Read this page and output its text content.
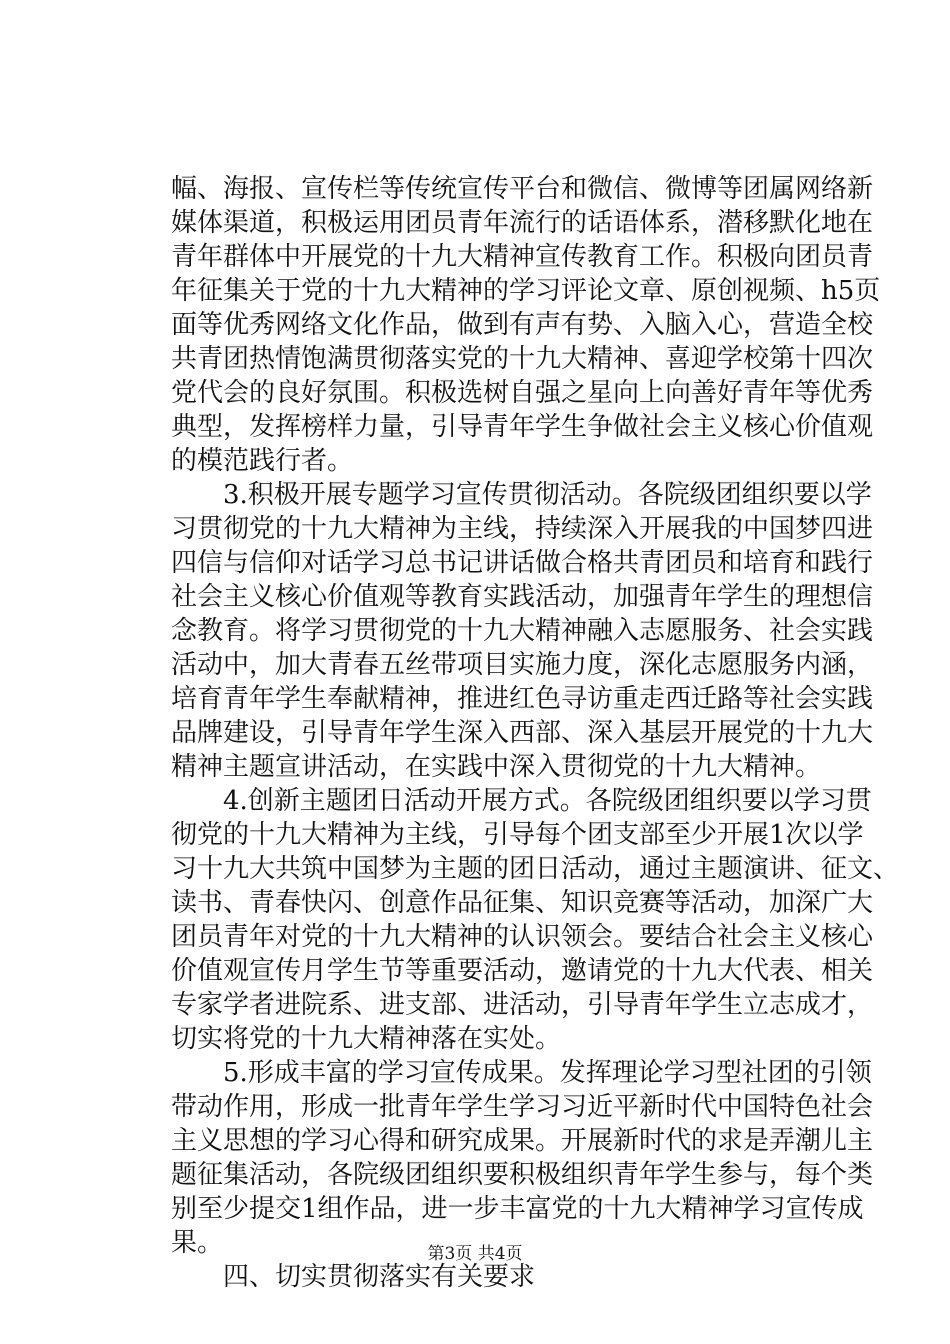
幅、海报、宣传栏等传统宣传平台和微信、微博等团属网络新
媒体渠道，积极运用团员青年流行的话语体系，潜移默化地在
青年群体中开展党的十九大精神宣传教育工作。积极向团员青
年征集关于党的十九大精神的学习评论文章、原创视频、h5页
面等优秀网络文化作品，做到有声有势、入脑入心，营造全校
共青团热情饱满贯彻落实党的十九大精神、喜迎学校第十四次
党代会的良好氛围。积极选树自强之星向上向善好青年等优秀
典型，发挥榜样力量，引导青年学生争做社会主义核心价值观
的模范践行者。
　　3.积极开展专题学习宣传贯彻活动。各院级团组织要以学
习贯彻党的十九大精神为主线，持续深入开展我的中国梦四进
四信与信仰对话学习总书记讲话做合格共青团员和培育和践行
社会主义核心价值观等教育实践活动，加强青年学生的理想信
念教育。将学习贯彻党的十九大精神融入志愿服务、社会实践
活动中，加大青春五丝带项目实施力度，深化志愿服务内涵，
培育青年学生奉献精神，推进红色寻访重走西迁路等社会实践
品牌建设，引导青年学生深入西部、深入基层开展党的十九大
精神主题宣讲活动，在实践中深入贯彻党的十九大精神。
　　4.创新主题团日活动开展方式。各院级团组织要以学习贯
彻党的十九大精神为主线，引导每个团支部至少开展1次以学
习十九大共筑中国梦为主题的团日活动，通过主题演讲、征文、
读书、青春快闪、创意作品征集、知识竞赛等活动，加深广大
团员青年对党的十九大精神的认识领会。要结合社会主义核心
价值观宣传月学生节等重要活动，邀请党的十九大代表、相关
专家学者进院系、进支部、进活动，引导青年学生立志成才，
切实将党的十九大精神落在实处。
　　5.形成丰富的学习宣传成果。发挥理论学习型社团的引领
带动作用，形成一批青年学生学习习近平新时代中国特色社会
主义思想的学习心得和研究成果。开展新时代的求是弄潮儿主
题征集活动，各院级团组织要积极组织青年学生参与，每个类
别至少提交1组作品，进一步丰富党的十九大精神学习宣传成
果。
　　四、切实贯彻落实有关要求
第3页 共4页
